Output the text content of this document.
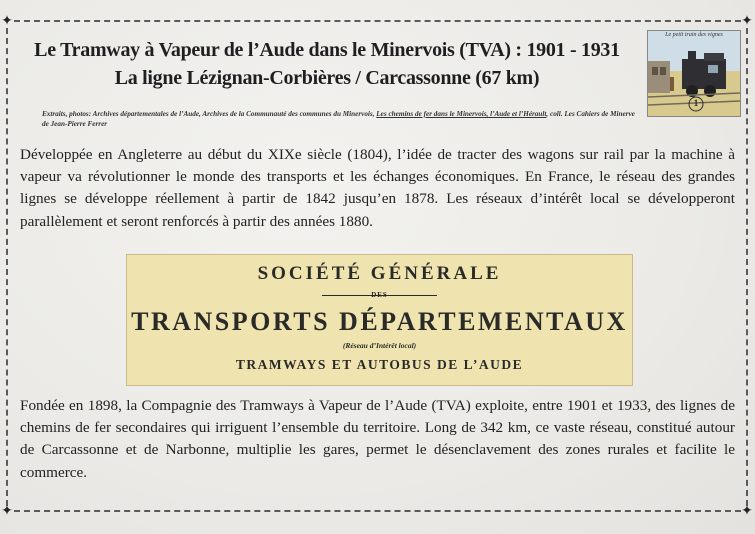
✦	✦
✦	✦
Le Tramway à Vapeur de l’Aude dans le Minervois (TVA) : 1901 - 1931
La ligne Lézignan-Corbières / Carcassonne (67 km)
Extraits, photos: Archives départementales de l’Aude, Archives de la Communauté des communes du Minervois, Les chemins de fer dans le Minervois, l’Aude et l’Hérault, coll. Les Cahiers de Minerve de Jean-Pierre Ferrer
Le petit train des vignes
1
Développée en Angleterre au début du XIXe siècle (1804), l’idée de tracter des wagons sur rail par la machine à vapeur va révolutionner le monde des transports et les échanges économiques. En France, le réseau des grandes lignes se développe réellement à partir de 1842 jusqu’en 1878. Les réseaux d’intérêt local se développeront parallèlement et seront renforcés à partir des années 1880.
SOCIÉTÉ GÉNÉRALE
DES
TRANSPORTS DÉPARTEMENTAUX
(Réseau d’Intérêt local)
TRAMWAYS ET AUTOBUS DE L’AUDE
Fondée en 1898, la Compagnie des Tramways à Vapeur de l’Aude (TVA) exploite, entre 1901 et 1933, des lignes de chemins de fer secondaires qui irriguent l’ensemble du territoire. Long de 342 km, ce vaste réseau, constitué autour de Carcassonne et de Narbonne, multiplie les gares, permet le désenclavement des zones rurales et facilite le commerce.
